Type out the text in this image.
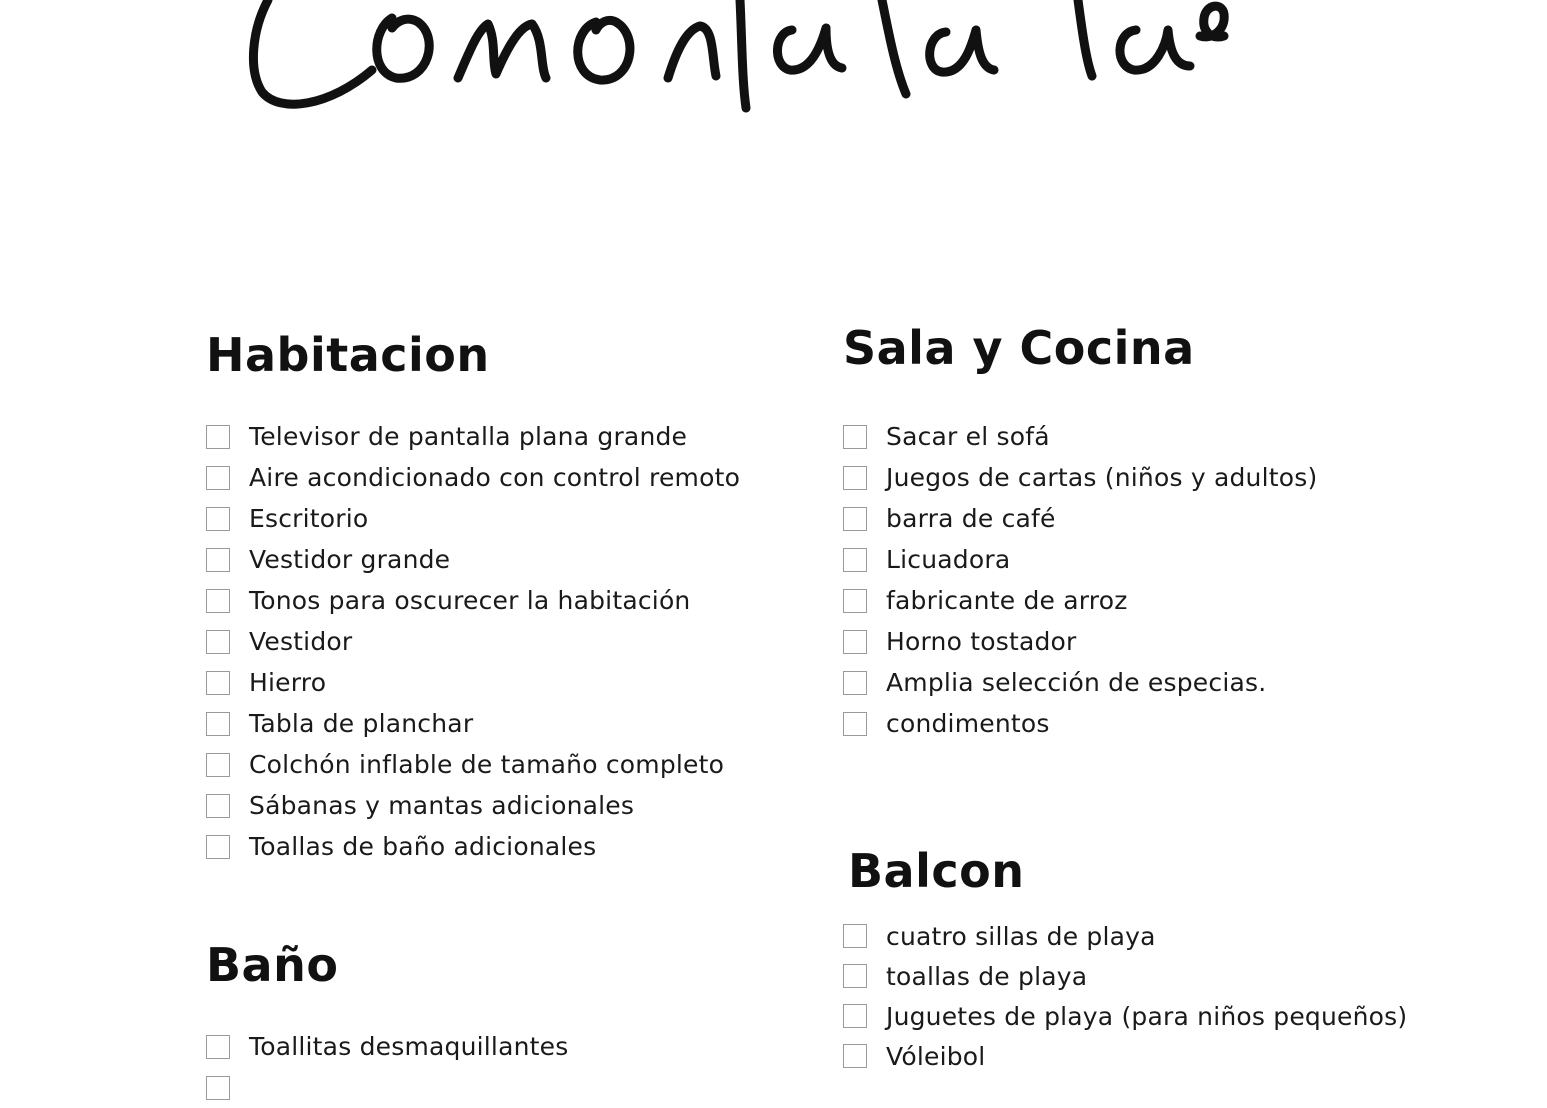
Habitacion
Televisor de pantalla plana grande
Aire acondicionado con control remoto
Escritorio
Vestidor grande
Tonos para oscurecer la habitación
Vestidor
Hierro
Tabla de planchar
Colchón inflable de tamaño completo
Sábanas y mantas adicionales
Toallas de baño adicionales
Sala y Cocina
Sacar el sofá
Juegos de cartas (niños y adultos)
barra de café
Licuadora
fabricante de arroz
Horno tostador
Amplia selección de especias.
condimentos
Balcon
cuatro sillas de playa
toallas de playa
Juguetes de playa (para niños pequeños)
Vóleibol
Baño
Toallitas desmaquillantes
